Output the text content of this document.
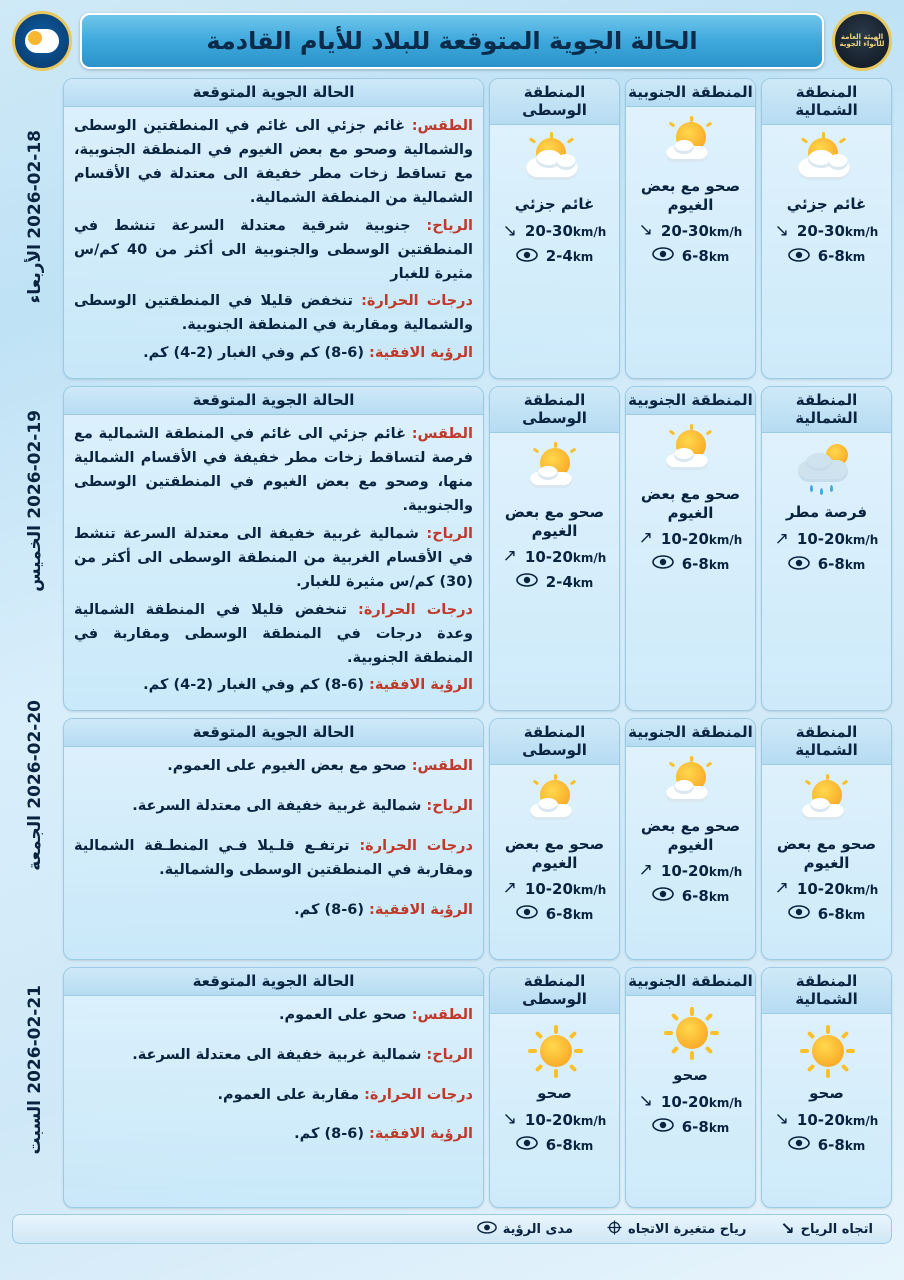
الهيئة العامة للأنواء الجوية
الحالة الجوية المتوقعة للبلاد للأيام القادمة
المنطقة الشمالية
غائم جزئي
20-30km/h
↘
6-8km
المنطقة الجنوبية
صحو مع بعض الغيوم
20-30km/h
↘
6-8km
المنطقة الوسطى
غائم جزئي
20-30km/h
↘
2-4km
الحالة الجوية المتوقعة

الطقس: غائم جزئي الى غائم في المنطقتين الوسطى والشمالية وصحو مع بعض الغيوم في المنطقة الجنوبية، مع تساقط زخات مطر خفيفة الى معتدلة في الأقسام الشمالية من المنطقة الشمالية.

الرياح: جنوبية شرقية معتدلة السرعة تنشط في المنطقتين الوسطى والجنوبية الى أكثر من 40 كم/س مثيرة للغبار

درجات الحرارة: تنخفض قليلا في المنطقتين الوسطى والشمالية ومقاربة في المنطقة الجنوبية.

الرؤية الافقية: (6-8) كم وفي الغبار (2-4) كم.

المنطقة الشمالية
فرصة مطر
10-20km/h
↗
6-8km
المنطقة الجنوبية
صحو مع بعض الغيوم
10-20km/h
↗
6-8km
المنطقة الوسطى
صحو مع بعض الغيوم
10-20km/h
↗
2-4km
الحالة الجوية المتوقعة

الطقس: غائم جزئي الى غائم في المنطقة الشمالية مع فرصة لتساقط زخات مطر خفيفة في الأقسام الشمالية منها، وصحو مع بعض الغيوم في المنطقتين الوسطى والجنوبية.

الرياح: شمالية غربية خفيفة الى معتدلة السرعة تنشط في الأقسام الغربية من المنطقة الوسطى الى أكثر من (30) كم/س مثيرة للغبار.

درجات الحرارة: تنخفض قليلا في المنطقة الشمالية وعدة درجات في المنطقة الوسطى ومقاربة في المنطقة الجنوبية.

الرؤية الافقية: (6-8) كم وفي الغبار (2-4) كم.

المنطقة الشمالية
صحو مع بعض الغيوم
10-20km/h
↗
6-8km
المنطقة الجنوبية
صحو مع بعض الغيوم
10-20km/h
↗
6-8km
المنطقة الوسطى
صحو مع بعض الغيوم
10-20km/h
↗
6-8km
الحالة الجوية المتوقعة

الطقس: صحو مع بعض الغيوم على العموم.

الرياح: شمالية غربية خفيفة الى معتدلة السرعة.

درجات الحرارة: ترتفـع قلـيلا فـي المنطـقة الشمالية ومقاربة في المنطقتين الوسطى والشمالية.

الرؤية الافقية: (6-8) كم.

المنطقة الشمالية
صحو
10-20km/h
↘
6-8km
المنطقة الجنوبية
صحو
10-20km/h
↘
6-8km
المنطقة الوسطى
صحو
10-20km/h
↘
6-8km
الحالة الجوية المتوقعة

الطقس: صحو على العموم.

الرياح: شمالية غربية خفيفة الى معتدلة السرعة.

درجات الحرارة: مقاربة على العموم.

الرؤية الافقية: (6-8) كم.

2026-02-18
الأربعاء
2026-02-19
الخميس
2026-02-20
الجمعة
2026-02-21
السبت
اتجاه الرياح
↘
رياح متغيرة الاتجاه
مدى الرؤية
